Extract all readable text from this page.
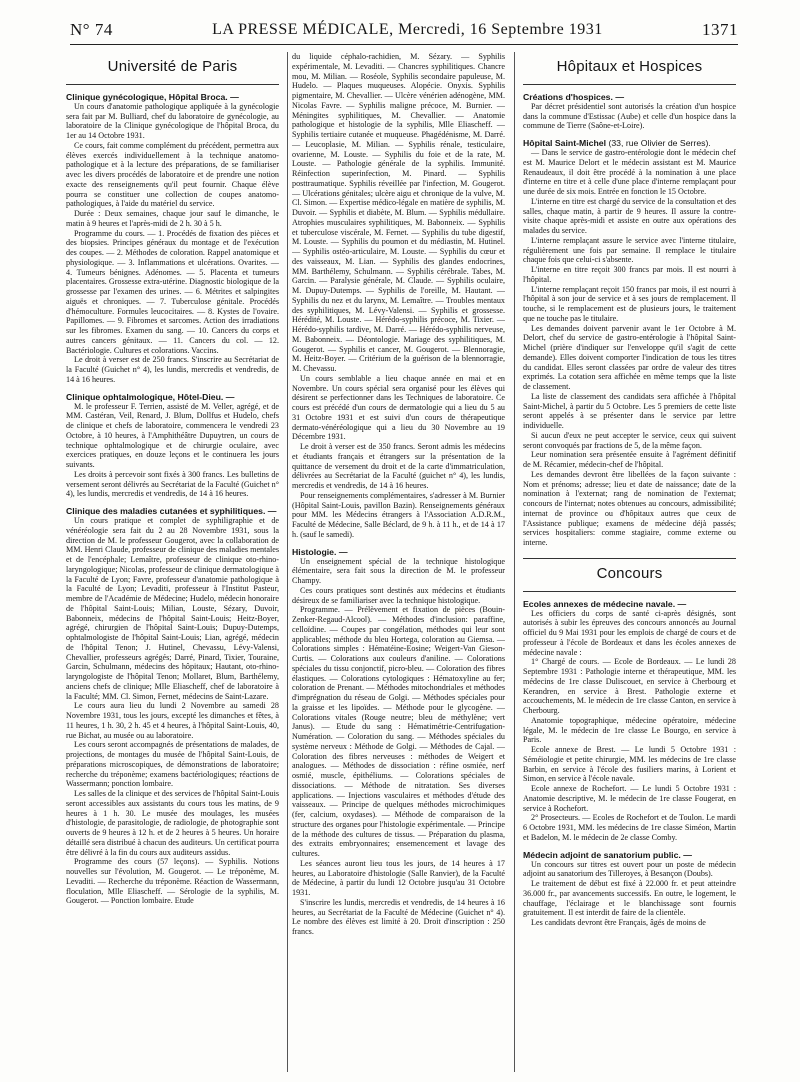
N° 74	LA PRESSE MÉDICALE, Mercredi, 16 Septembre 1931	1371
Université de Paris
Clinique gynécologique, Hôpital Broca. —

Un cours d'anatomie pathologique appliquée à la gynécologie sera fait par M. Bulliard, chef du laboratoire de gynécologie, au laboratoire de la Clinique gynécologique de l'hôpital Broca, du 1er au 14 Octobre 1931.

Ce cours, fait comme complément du précédent, permettra aux élèves exercés individuellement à la technique anatomo-pathologique et à la lecture des préparations, de se familiariser avec les divers procédés de laboratoire et de prendre une notion exacte des renseignements qu'il peut fournir. Chaque élève pourra se constituer une collection de coupes anatomo-pathologiques, à l'aide du matériel du service.

Durée : Deux semaines, chaque jour sauf le dimanche, le matin à 9 heures et l'après-midi de 2 h. 30 à 5 h.

Programme du cours. — 1. Procédés de fixation des pièces et des biopsies. Principes généraux du montage et de l'exécution des coupes. — 2. Méthodes de coloration. Rappel anatomique et physiologique. — 3. Inflammations et ulcérations. Ovarites. — 4. Tumeurs bénignes. Adénomes. — 5. Placenta et tumeurs placentaires. Grossesse extra-utérine. Diagnostic biologique de la grossesse par l'examen des urines. — 6. Métrites et salpingites aiguës et chroniques. — 7. Tuberculose génitale. Procédés d'hémoculture. Formules leucocitaires. — 8. Kystes de l'ovaire. Papillomes. — 9. Fibromes et sarcomes. Action des irradiations sur les fibromes. Examen du sang. — 10. Cancers du corps et autres cancers génitaux. — 11. Cancers du col. — 12. Bactériologie. Cultures et colorations. Vaccins.

Le droit à verser est de 250 francs. S'inscrire au Secrétariat de la Faculté (Guichet n° 4), les lundis, mercredis et vendredis, de 14 à 16 heures.

Clinique ophtalmologique, Hôtel-Dieu. —

M. le professeur F. Terrien, assisté de M. Veller, agrégé, et de MM. Castéran, Veil, Renard, J. Blum, Dollfus et Hudelo, chefs de clinique et chefs de laboratoire, commencera le vendredi 23 Octobre, à 10 heures, à l'Amphithéâtre Dupuytren, un cours de technique ophtalmologique et de chirurgie oculaire, avec exercices pratiques, en douze leçons et le continuera les jours suivants.

Les droits à percevoir sont fixés à 300 francs. Les bulletins de versement seront délivrés au Secrétariat de la Faculté (Guichet n° 4), les lundis, mercredis et vendredis, de 14 à 16 heures.

Clinique des maladies cutanées et syphilitiques. —

Un cours pratique et complet de syphiligraphie et de vénéréologie sera fait du 2 au 28 Novembre 1931, sous la direction de M. le professeur Gougerot, avec la collaboration de MM. Henri Claude, professeur de clinique des maladies mentales et de l'encéphale; Lemaître, professeur de clinique oto-rhino-laryngologique; Nicolas, professeur de clinique dermatologique à la Faculté de Lyon; Favre, professeur d'anatomie pathologique à la Faculté de Lyon; Levaditi, professeur à l'Institut Pasteur, membre de l'Académie de Médecine; Hudelo, médecin honoraire de l'hôpital Saint-Louis; Milian, Louste, Sézary, Duvoir, Babonneix, médecins de l'hôpital Saint-Louis; Heitz-Boyer, agrégé, chirurgien de l'hôpital Saint-Louis; Dupuy-Dutemps, ophtalmologiste de l'hôpital Saint-Louis; Lian, agrégé, médecin de l'hôpital Tenon; J. Hutinel, Chevassu, Lévy-Valensi, Chevallier, professeurs agrégés; Darré, Pinard, Tixier, Touraine, Garcin, Schulmann, médecins des hôpitaux; Hautant, oto-rhino-laryngologiste de l'hôpital Tenon; Mollaret, Blum, Barthélemy, anciens chefs de clinique; Mlle Eliascheff, chef de laboratoire à la Faculté; MM. Cl. Simon, Fernet, médecins de Saint-Lazare.

Le cours aura lieu du lundi 2 Novembre au samedi 28 Novembre 1931, tous les jours, excepté les dimanches et fêtes, à 11 heures, 1 h. 30, 2 h. 45 et 4 heures, à l'hôpital Saint-Louis, 40, rue Bichat, au musée ou au laboratoire.

Les cours seront accompagnés de présentations de malades, de projections, de montages du musée de l'hôpital Saint-Louis, de préparations microscopiques, de démonstrations de laboratoire; recherche du tréponème; examens bactériologiques; réactions de Wassermann; ponction lombaire.

Les salles de la clinique et des services de l'hôpital Saint-Louis seront accessibles aux assistants du cours tous les matins, de 9 heures à 1 h. 30. Le musée des moulages, les musées d'histologie, de parasitologie, de radiologie, de photographie sont ouverts de 9 heures à 12 h. et de 2 heures à 5 heures. Un horaire détaillé sera distribué à chacun des auditeurs. Un certificat pourra être délivré à la fin du cours aux auditeurs assidus.

Programme des cours (57 leçons). — Syphilis. Notions nouvelles sur l'évolution, M. Gougerot. — Le tréponème, M. Levaditi. — Recherche du tréponème. Réaction de Wassermann, floculation, Mlle Eliascheff. — Sérologie de la syphilis, M. Gougerot. — Ponction lombaire. Etude

du liquide céphalo-rachidien, M. Sézary. — Syphilis expérimentale, M. Levaditi. — Chancres syphilitiques. Chancre mou, M. Milian. — Roséole, Syphilis secondaire papuleuse, M. Hudelo. — Plaques muqueuses. Alopécie. Onyxis. Syphilis pigmentaire, M. Chevallier. — Ulcère vénérien adénogène, MM. Nicolas Favre. — Syphilis maligne précoce, M. Burnier. — Méningites syphilitiques, M. Chevallier. — Anatomie pathologique et histologie de la syphilis, Mlle Eliascheff. — Syphilis tertiaire cutanée et muqueuse. Phagédénisme, M. Darré. — Leucoplasie, M. Milian. — Syphilis rénale, testiculaire, ovarienne, M. Louste. — Syphilis du foie et de la rate, M. Louste. — Pathologie générale de la syphilis. Immunité. Réinfection superinfection, M. Pinard. — Syphilis posttraumatique. Syphilis réveillée par l'infection, M. Gougerot. — Ulcérations génitales; ulcère aigu et chronique de la vulve, M. Cl. Simon. — Expertise médico-légale en matière de syphilis, M. Duvoir. — Syphilis et diabète, M. Blum. — Syphilis médullaire. Atrophies musculaires syphilitiques, M. Babonneix. — Syphilis et tuberculose viscérale, M. Fernet. — Syphilis du tube digestif, M. Louste. — Syphilis du poumon et du médiastin, M. Hutinel. — Syphilis ostéo-articulaire, M. Louste. — Syphilis du cœur et des vaisseaux, M. Lian. — Syphilis des glandes endocrines, MM. Barthélemy, Schulmann. — Syphilis cérébrale. Tabes, M. Garcin. — Paralysie générale, M. Claude. — Syphilis oculaire, M. Dupuy-Dutemps. — Syphilis de l'oreille, M. Hautant. — Syphilis du nez et du larynx, M. Lemaître. — Troubles mentaux des syphilitiques, M. Lévy-Valensi. — Syphilis et grossesse. Hérédité, M. Louste. — Hérédo-syphilis précoce, M. Tixier. — Hérédo-syphilis tardive, M. Darré. — Hérédo-syphilis nerveuse, M. Babonneix. — Déontologie. Mariage des syphilitiques, M. Gougerot. — Syphilis et cancer, M. Gougerot. — Blennoragie, M. Heitz-Boyer. — Critérium de la guérison de la blennorragie, M. Chevassu.

Un cours semblable a lieu chaque année en mai et en Novembre. Un cours spécial sera organisé pour les élèves qui désirent se perfectionner dans les Techniques de laboratoire. Ce cours est précédé d'un cours de dermatologie qui a lieu du 5 au 31 Octobre 1931 et est suivi d'un cours de thérapeutique dermato-vénéréologique qui a lieu du 30 Novembre au 19 Décembre 1931.

Le droit à verser est de 350 francs. Seront admis les médecins et étudiants français et étrangers sur la présentation de la quittance de versement du droit et de la carte d'immatriculation, délivrées au Secrétariat de la Faculté (guichet n° 4), les lundis, mercredis et vendredis, de 14 à 16 heures.

Pour renseignements complémentaires, s'adresser à M. Burnier (Hôpital Saint-Louis, pavillon Bazin). Renseignements généraux pour MM. les Médecins étrangers à l'Association A.D.R.M., Faculté de Médecine, Salle Béclard, de 9 h. à 11 h., et de 14 à 17 h. (sauf le samedi).

Histologie. —

Un enseignement spécial de la technique histologique élémentaire, sera fait sous la direction de M. le professeur Champy.

Ces cours pratiques sont destinés aux médecins et étudiants désireux de se familiariser avec la technique histologique.

Programme. — Prélèvement et fixation de pièces (Bouin-Zenker-Regaud-Alcool). — Méthodes d'inclusion: paraffine, celloïdine. — Coupes par congélation, méthodes qui leur sont applicables; méthode du bleu Hortega, coloration au Giemsa. — Colorations simples : Hématéine-Eosine; Weigert-Van Gieson-Curtis. — Colorations aux couleurs d'aniline. — Colorations spéciales du tissu conjonctif, picro-bleu. — Coloration des fibres élastiques. — Colorations cytologiques : Hématoxyline au fer; coloration de Prenant. — Méthodes mitochondriales et méthodes d'imprégnation du réseau de Golgi. — Méthodes spéciales pour la graisse et les lipoïdes. — Méthode pour le glycogène. — Colorations vitales (Rouge neutre; bleu de méthylène; vert Janus). — Etude du sang : Hématimétrie-Centrifugation-Numération. — Coloration du sang. — Méthodes spéciales du système nerveux : Méthode de Golgi. — Méthodes de Cajal. — Coloration des fibres nerveuses : méthodes de Weigert et analogues. — Méthodes de dissociation : réfine osmiée, nerf osmié, muscle, épithéliums. — Colorations spéciales de dissociations. — Méthode de nitratation. Ses diverses applications. — Injections vasculaires et méthodes d'étude des vaisseaux. — Principe de quelques méthodes microchimiques (fer, calcium, oxydases). — Méthode de comparaison de la structure des organes pour l'histologie expérimentale. — Principe de la méthode des cultures de tissus. — Préparation du plasma, des extraits embryonnaires; ensemencement et lavage des cultures.

Les séances auront lieu tous les jours, de 14 heures à 17 heures, au Laboratoire d'histologie (Salle Ranvier), de la Faculté de Médecine, à partir du lundi 12 Octobre jusqu'au 31 Octobre 1931.

S'inscrire les lundis, mercredis et vendredis, de 14 heures à 16 heures, au Secrétariat de la Faculté de Médecine (Guichet n° 4). Le nombre des élèves est limité à 20. Droit d'inscription : 250 francs.

Hôpitaux et Hospices
Créations d'hospices. —

Par décret présidentiel sont autorisés la création d'un hospice dans la commune d'Estissac (Aube) et celle d'un hospice dans la commune de Tierre (Saône-et-Loire).

Hôpital Saint-Michel (33, rue Olivier de Serres).

— Dans le service de gastro-entérologie dont le médecin chef est M. Maurice Delort et le médecin assistant est M. Maurice Renaudeaux, il doit être procédé à la nomination à une place d'interne en titre et à celle d'une place d'interne remplaçant pour une durée de six mois. Entrée en fonction le 15 Octobre.

L'interne en titre est chargé du service de la consultation et des salles, chaque matin, à partir de 9 heures. Il assure la contre-visite chaque après-midi et assiste en outre aux opérations des malades du service.

L'interne remplaçant assure le service avec l'interne titulaire, régulièrement une fois par semaine. Il remplace le titulaire chaque fois que celui-ci s'absente.

L'interne en titre reçoit 300 francs par mois. Il est nourri à l'hôpital.

L'interne remplaçant reçoit 150 francs par mois, il est nourri à l'hôpital à son jour de service et à ses jours de remplacement. Il touche, si le remplacement est de plusieurs jours, le traitement que ne touche pas le titulaire.

Les demandes doivent parvenir avant le 1er Octobre à M. Delort, chef du service de gastro-entérologie à l'hôpital Saint-Michel (prière d'indiquer sur l'enveloppe qu'il s'agit de cette demande). Elles doivent comporter l'indication de tous les titres du candidat. Elles seront classées par ordre de valeur des titres exprimés. La cotation sera affichée en même temps que la liste de classement.

La liste de classement des candidats sera affichée à l'hôpital Saint-Michel, à partir du 5 Octobre. Les 5 premiers de cette liste seront appelés à se présenter dans le service par lettre individuelle.

Si aucun d'eux ne peut accepter le service, ceux qui suivent seront convoqués par fractions de 5, de la même façon.

Leur nomination sera présentée ensuite à l'agrément définitif de M. Récamier, médecin-chef de l'hôpital.

Les demandes devront être libellées de la façon suivante : Nom et prénoms; adresse; lieu et date de naissance; date de la nomination à l'externat; rang de nomination de l'externat; concours de l'internat; notes obtenues au concours, admissibilité; internat de province ou d'hôpitaux autres que ceux de l'Assistance publique; examens de médecine déjà passés; services hospitaliers: comme stagiaire, comme externe ou interne.

Concours
Ecoles annexes de médecine navale. —

Les officiers du corps de santé ci-après désignés, sont autorisés à subir les épreuves des concours annoncés au Journal officiel du 9 Mai 1931 pour les emplois de chargé de cours et de professeur à l'école de Bordeaux et dans les écoles annexes de médecine navale :

1° Chargé de cours. — Ecole de Bordeaux. — Le lundi 28 Septembre 1931 : Pathologie interne et thérapeutique, MM. les médecins de 1re classe Duliscouet, en service à Cherbourg et Kerandren, en service à Brest. Pathologie externe et accouchements, M. le médecin de 1re classe Canton, en service à Cherbourg.

Anatomie topographique, médecine opératoire, médecine légale, M. le médecin de 1re classe Le Bourgo, en service à Paris.

Ecole annexe de Brest. — Le lundi 5 Octobre 1931 : Séméiologie et petite chirurgie, MM. les médecins de 1re classe Barbin, en service à l'école des fusiliers marins, à Lorient et Simon, en service à l'école navale.

Ecole annexe de Rochefort. — Le lundi 5 Octobre 1931 : Anatomie descriptive, M. le médecin de 1re classe Fougerat, en service à Rochefort.

2° Prosecteurs. — Ecoles de Rochefort et de Toulon. Le mardi 6 Octobre 1931, MM. les médecins de 1re classe Siméon, Martin et Badelon, M. le médecin de 2e classe Comby.

Médecin adjoint de sanatorium public. —

Un concours sur titres est ouvert pour un poste de médecin adjoint au sanatorium des Tilleroyes, à Besançon (Doubs).

Le traitement de début est fixé à 22.000 fr. et peut atteindre 36.000 fr., par avancements successifs. En outre, le logement, le chauffage, l'éclairage et le blanchissage sont fournis gratuitement. Il est interdit de faire de la clientèle.

Les candidats devront être Français, âgés de moins de
